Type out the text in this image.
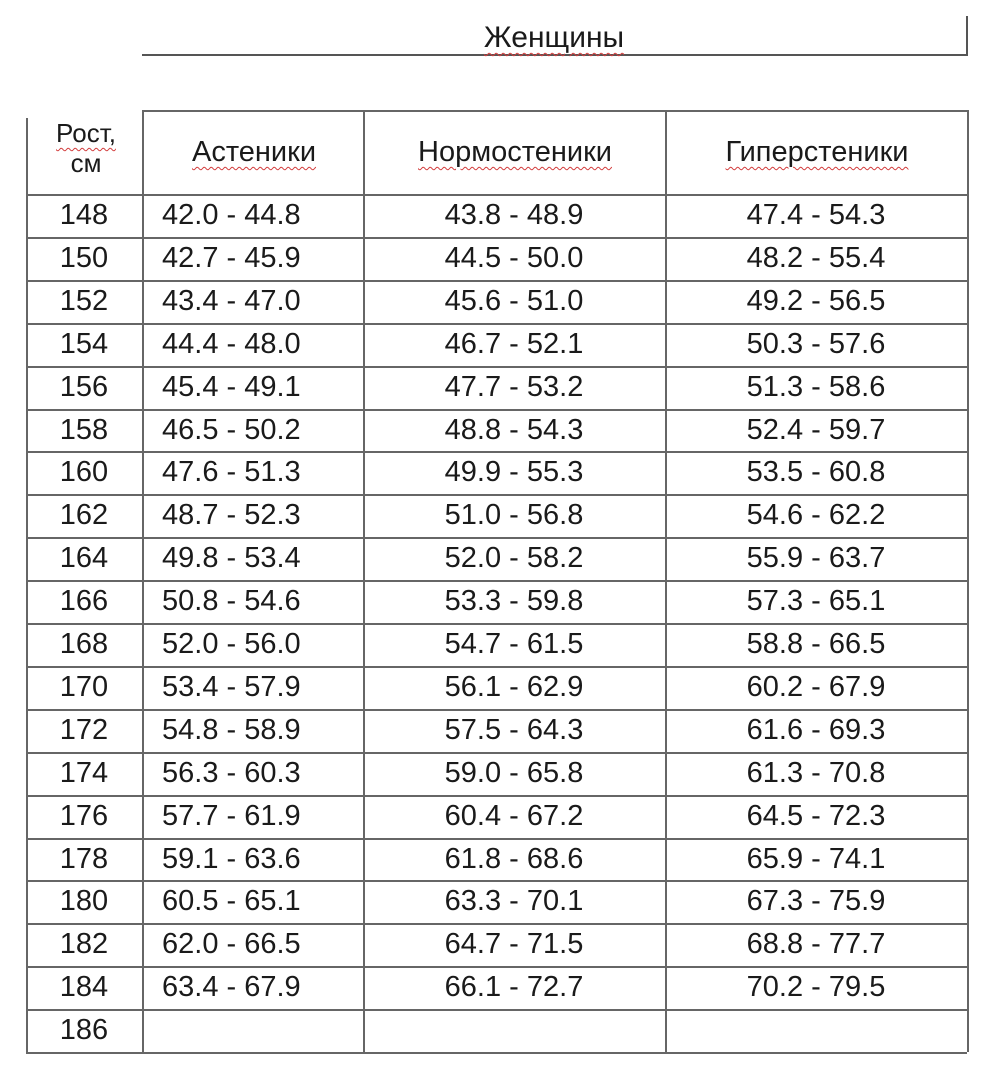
Женщины
Рост,
см	Астеники	Нормостеники	Гиперстеники
148	42.0 - 44.8	43.8 - 48.9	47.4 - 54.3
150	42.7 - 45.9	44.5 - 50.0	48.2 - 55.4
152	43.4 - 47.0	45.6 - 51.0	49.2 - 56.5
154	44.4 - 48.0	46.7 - 52.1	50.3 - 57.6
156	45.4 - 49.1	47.7 - 53.2	51.3 - 58.6
158	46.5 - 50.2	48.8 - 54.3	52.4 - 59.7
160	47.6 - 51.3	49.9 - 55.3	53.5 - 60.8
162	48.7 - 52.3	51.0 - 56.8	54.6 - 62.2
164	49.8 - 53.4	52.0 - 58.2	55.9 - 63.7
166	50.8 - 54.6	53.3 - 59.8	57.3 - 65.1
168	52.0 - 56.0	54.7 - 61.5	58.8 - 66.5
170	53.4 - 57.9	56.1 - 62.9	60.2 - 67.9
172	54.8 - 58.9	57.5 - 64.3	61.6 - 69.3
174	56.3 - 60.3	59.0 - 65.8	61.3 - 70.8
176	57.7 - 61.9	60.4 - 67.2	64.5 - 72.3
178	59.1 - 63.6	61.8 - 68.6	65.9 - 74.1
180	60.5 - 65.1	63.3 - 70.1	67.3 - 75.9
182	62.0 - 66.5	64.7 - 71.5	68.8 - 77.7
184	63.4 - 67.9	66.1 - 72.7	70.2 - 79.5
186
